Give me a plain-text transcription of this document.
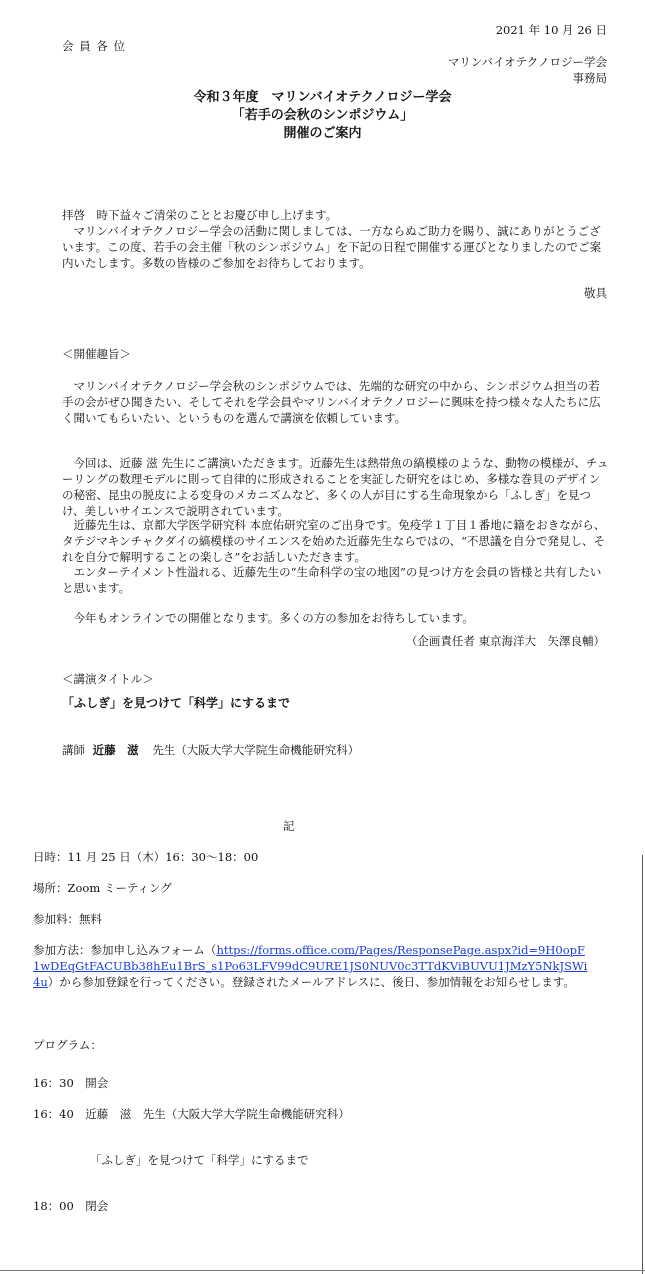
2021 年 10 月 26 日

会 員 各 位

マリンバイオテクノロジー学会

事務局

令和３年度　マリンバイオテクノロジー学会
「若手の会秋のシンポジウム」
開催のご案内

拝啓　時下益々ご清栄のこととお慶び申し上げます。

マリンバイオテクノロジー学会の活動に関しましては、一方ならぬご助力を賜り、誠にありがとうございます。この度、若手の会主催「秋のシンポジウム」を下記の日程で開催する運びとなりましたのでご案内いたします。多数の皆様のご参加をお待ちしております。

敬具

＜開催趣旨＞

マリンバイオテクノロジー学会秋のシンポジウムでは、先端的な研究の中から、シンポジウム担当の若手の会がぜひ聞きたい、そしてそれを学会員やマリンバイオテクノロジーに興味を持つ様々な人たちに広く聞いてもらいたい、というものを選んで講演を依頼しています。

今回は、近藤 滋 先生にご講演いただきます。近藤先生は熱帯魚の縞模様のような、動物の模様が、チューリングの数理モデルに則って自律的に形成されることを実証した研究をはじめ、多様な巻貝のデザインの秘密、昆虫の脱皮による変身のメカニズムなど、多くの人が目にする生命現象から「ふしぎ」を見つけ、美しいサイエンスで説明されています。

近藤先生は、京都大学医学研究科 本庶佑研究室のご出身です。免疫学１丁目１番地に籍をおきながら、タテジマキンチャクダイの縞模様のサイエンスを始めた近藤先生ならではの、“不思議を自分で発見し、それを自分で解明することの楽しさ”をお話しいただきます。

エンターテイメント性溢れる、近藤先生の“生命科学の宝の地図”の見つけ方を会員の皆様と共有したいと思います。

今年もオンラインでの開催となります。多くの方の参加をお待ちしています。

（企画責任者 東京海洋大　矢澤良輔）

＜講演タイトル＞

「ふしぎ」を見つけて「科学」にするまで

講師 近藤　滋 先生（大阪大学大学院生命機能研究科）

記

日時：11 月 25 日（木）16：30〜18：00

場所：Zoom ミーティング

参加料：無料

参加方法：参加申し込みフォーム（https://forms.office.com/Pages/ResponsePage.aspx?id=9H0opF1wDEqGtFACUBb38hEu1BrS_s1Po63LFV99dC9URE1JS0NUV0c3TTdKViBUVU1JMzY5NkJSWi4u）から参加登録を行ってください。登録されたメールアドレスに、後日、参加情報をお知らせします。

プログラム：

16：30　開会

16：40　近藤　滋　先生（大阪大学大学院生命機能研究科）

「ふしぎ」を見つけて「科学」にするまで

18：00　閉会
